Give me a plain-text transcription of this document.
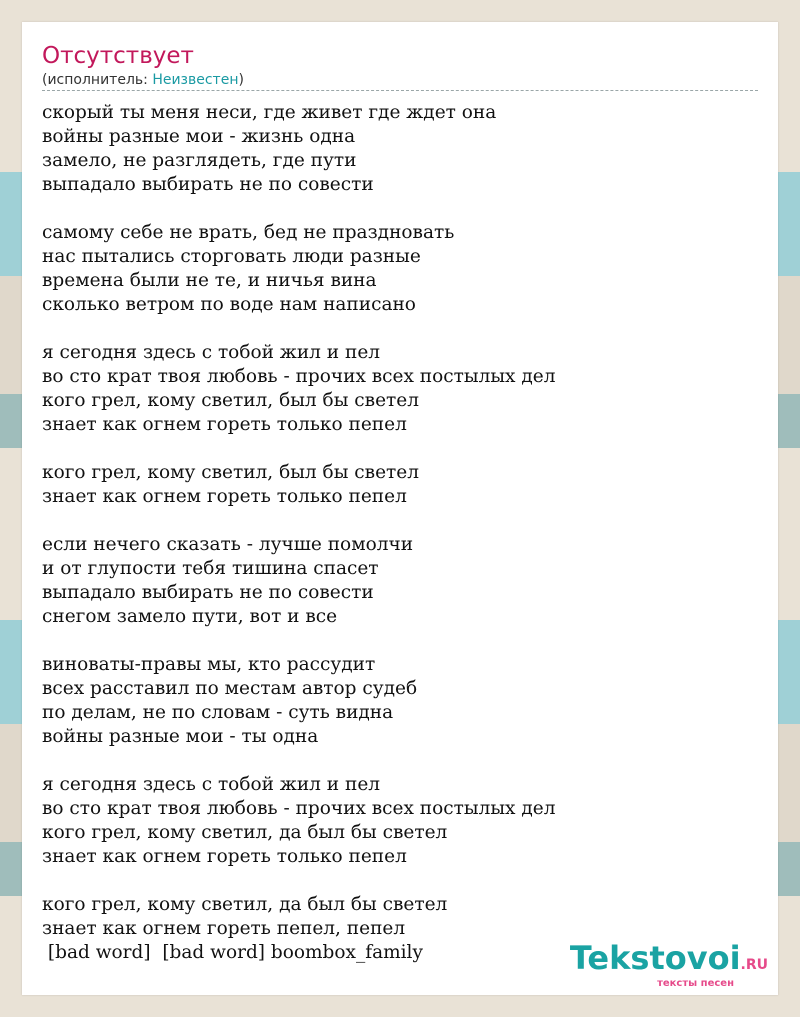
Отсутствует
(исполнитель: Неизвестен)
скорый ты меня неси, где живет где ждет она
войны разные мои - жизнь одна
замело, не разглядеть, где пути
выпадало выбирать не по совести
самому себе не врать, бед не праздновать
нас пытались сторговать люди разные
времена были не те, и ничья вина
сколько ветром по воде нам написано
я сегодня здесь с тобой жил и пел
во сто крат твоя любовь - прочих всех постылых дел
кого грел, кому светил, был бы светел
знает как огнем гореть только пепел
кого грел, кому светил, был бы светел
знает как огнем гореть только пепел
если нечего сказать - лучше помолчи
и от глупости тебя тишина спасет
выпадало выбирать не по совести
снегом замело пути, вот и все
виноваты-правы мы, кто рассудит
всех расставил по местам автор судеб
по делам, не по словам - суть видна
войны разные мои - ты одна
я сегодня здесь с тобой жил и пел
во сто крат твоя любовь - прочих всех постылых дел
кого грел, кому светил, да был бы светел
знает как огнем гореть только пепел
кого грел, кому светил, да был бы светел
знает как огнем гореть пепел, пепел
[bad word]  [bad word] boombox_family	Tekstovoi.RU
тексты песен
